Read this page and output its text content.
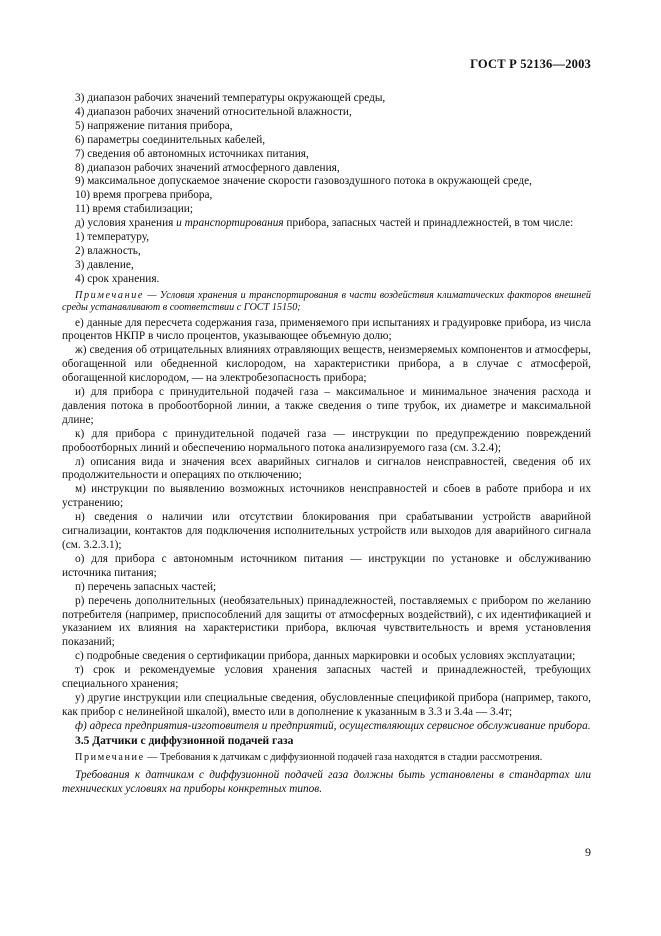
ГОСТ Р 52136—2003
3) диапазон рабочих значений температуры окружающей среды,
4) диапазон рабочих значений относительной влажности,
5) напряжение питания прибора,
6) параметры соединительных кабелей,
7) сведения об автономных источниках питания,
8) диапазон рабочих значений атмосферного давления,
9) максимальное допускаемое значение скорости газовоздушного потока в окружающей среде,
10) время прогрева прибора,
11) время стабилизации;
д) условия хранения и транспортирования прибора, запасных частей и принадлежностей, в том числе:
1) температуру,
2) влажность,
3) давление,
4) срок хранения.
Примечание — Условия хранения и транспортирования в части воздействия климатических факторов внешней среды устанавливают в соответствии с ГОСТ 15150;
е) данные для пересчета содержания газа, применяемого при испытаниях и градуировке прибора, из числа процентов НКПР в число процентов, указывающее объемную долю;
ж) сведения об отрицательных влияниях отравляющих веществ, неизмеряемых компонентов и атмосферы, обогащенной или обедненной кислородом, на характеристики прибора, а в случае с атмосферой, обогащенной кислородом, — на электробезопасность прибора;
и) для прибора с принудительной подачей газа – максимальное и минимальное значения расхода и давления потока в пробоотборной линии, а также сведения о типе трубок, их диаметре и максимальной длине;
к) для прибора с принудительной подачей газа — инструкции по предупреждению повреждений пробоотборных линий и обеспечению нормального потока анализируемого газа (см. 3.2.4);
л) описания вида и значения всех аварийных сигналов и сигналов неисправностей, сведения об их продолжительности и операциях по отключению;
м) инструкции по выявлению возможных источников неисправностей и сбоев в работе прибора и их устранению;
н) сведения о наличии или отсутствии блокирования при срабатывании устройств аварийной сигнализации, контактов для подключения исполнительных устройств или выходов для аварийного сигнала (см. 3.2.3.1);
о) для прибора с автономным источником питания — инструкции по установке и обслуживанию источника питания;
п) перечень запасных частей;
р) перечень дополнительных (необязательных) принадлежностей, поставляемых с прибором по желанию потребителя (например, приспособлений для защиты от атмосферных воздействий), с их идентификацией и указанием их влияния на характеристики прибора, включая чувствительность и время установления показаний;
с) подробные сведения о сертификации прибора, данных маркировки и особых условиях эксплуатации;
т) срок и рекомендуемые условия хранения запасных частей и принадлежностей, требующих специального хранения;
у) другие инструкции или специальные сведения, обусловленные спецификой прибора (например, такого, как прибор с нелинейной шкалой), вместо или в дополнение к указанным в 3.3 и 3.4а — 3.4т;
ф) адреса предприятия-изготовителя и предприятий, осуществляющих сервисное обслуживание прибора.
3.5 Датчики с диффузионной подачей газа
Примечание — Требования к датчикам с диффузионной подачей газа находятся в стадии рассмотрения.
Требования к датчикам с диффузионной подачей газа должны быть установлены в стандартах или технических условиях на приборы конкретных типов.
9
